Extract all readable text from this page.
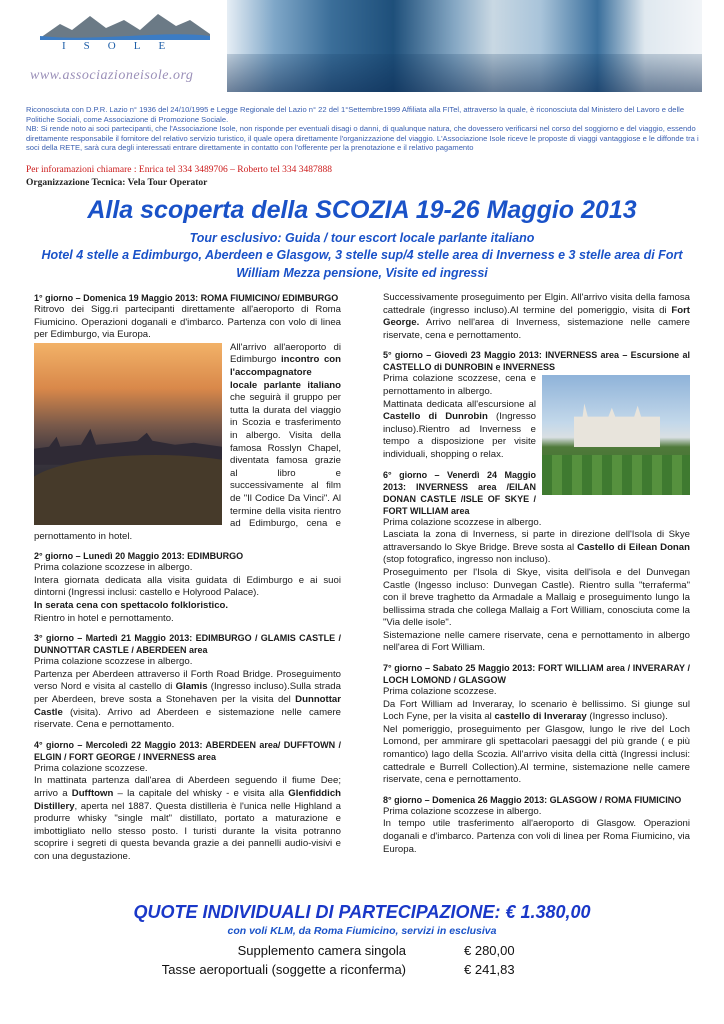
ISOLE
www.associazioneisole.org

Riconosciuta con D.P.R. Lazio n° 1936 del 24/10/1995 e Legge Regionale del Lazio n° 22 del 1°Settembre1999 Affiliata alla FITel, attraverso la quale, è riconosciuta dal Ministero del Lavoro e delle Politiche Sociali, come Associazione di Promozione Sociale.

NB: Si rende noto ai soci partecipanti, che l'Associazione Isole, non risponde per eventuali disagi o danni, di qualunque natura, che dovessero verificarsi nel corso del soggiorno e del viaggio, essendo direttamente responsabile il fornitore del relativo servizio turistico, il quale opera direttamente l'organizzazione del viaggio. L'Associazione Isole riceve le proposte di viaggi vantaggiose e le diffonde tra i soci della RETE, sarà cura degli interessati entrare direttamente in contatto con l'offerente per la prenotazione e il relativo pagamento

Per inforamazioni chiamare : Enrica tel 334 3489706 – Roberto tel 334 3487888
Organizzazione Tecnica: Vela Tour Operator
Alla scoperta della SCOZIA 19-26 Maggio 2013
Tour esclusivo: Guida / tour escort locale parlante italiano
Hotel 4 stelle a Edimburgo, Aberdeen e Glasgow, 3 stelle sup/4 stelle area di Inverness e 3 stelle area di Fort William Mezza pensione, Visite ed ingressi

1° giorno – Domenica 19 Maggio 2013: ROMA FIUMICINO/ EDIMBURGO

Ritrovo dei Sigg.ri partecipanti direttamente all'aeroporto di Roma Fiumicino. Operazioni doganali e d'imbarco. Partenza con volo di linea per Edimburgo, via Europa.

All'arrivo all'aeroporto di Edimburgo incontro con l'accompagnatore locale parlante italiano che seguirà il gruppo per tutta la durata del viaggio in Scozia e trasferimento in albergo. Visita della famosa Rosslyn Chapel, diventata famosa grazie al libro e successivamente al film de "Il Codice Da Vinci". Al termine della visita rientro ad Edimburgo, cena e pernottamento in hotel.

2° giorno – Lunedì 20 Maggio 2013: EDIMBURGO

Prima colazione scozzese in albergo.

Intera giornata dedicata alla visita guidata di Edimburgo e ai suoi dintorni (Ingressi inclusi: castello e Holyrood Palace).

In serata cena con spettacolo folkloristico.

Rientro in hotel e pernottamento.

3° giorno – Martedì 21 Maggio 2013: EDIMBURGO / GLAMIS CASTLE / DUNNOTTAR CASTLE / ABERDEEN area

Prima colazione scozzese in albergo.

Partenza per Aberdeen attraverso il Forth Road Bridge. Proseguimento verso Nord e visita al castello di Glamis (Ingresso incluso).Sulla strada per Aberdeen, breve sosta a Stonehaven per la visita del Dunnottar Castle (visita). Arrivo ad Aberdeen e sistemazione nelle camere riservate. Cena e pernottamento.

4° giorno – Mercoledì 22 Maggio 2013: ABERDEEN area/ DUFFTOWN / ELGIN / FORT GEORGE / INVERNESS area

Prima colazione scozzese.

In mattinata partenza dall'area di Aberdeen seguendo il fiume Dee; arrivo a Dufftown – la capitale del whisky - e visita alla Glenfiddich Distillery, aperta nel 1887. Questa distilleria è l'unica nelle Highland a produrre whisky "single malt" distillato, portato a maturazione e imbottigliato nello stesso posto. I turisti durante la visita potranno scoprire i segreti di questa bevanda grazie a dei pannelli audio-visivi e con una degustazione.

Successivamente proseguimento per Elgin. All'arrivo visita della famosa cattedrale (ingresso incluso).Al termine del pomeriggio, visita di Fort George. Arrivo nell'area di Inverness, sistemazione nelle camere riservate, cena e pernottamento.

5° giorno – Giovedì 23 Maggio 2013: INVERNESS area – Escursione al CASTELLO di DUNROBIN e INVERNESS

Prima colazione scozzese, cena e pernottamento in albergo.

Mattinata dedicata all'escursione al Castello di Dunrobin (Ingresso incluso).Rientro ad Inverness e tempo a disposizione per visite individuali, shopping o relax.

6° giorno – Venerdì 24 Maggio 2013: INVERNESS area /EILAN DONAN CASTLE /ISLE OF SKYE / FORT WILLIAM area

Prima colazione scozzese in albergo.

Lasciata la zona di Inverness, si parte in direzione dell'Isola di Skye attraversando lo Skye Bridge. Breve sosta al Castello di Eilean Donan (stop fotografico, ingresso non incluso).

Proseguimento per l'Isola di Skye, visita dell'isola e del Dunvegan Castle (Ingesso incluso: Dunvegan Castle). Rientro sulla "terraferma" con il breve traghetto da Armadale a Mallaig e proseguimento lungo la bellissima strada che collega Mallaig a Fort William, conosciuta come la "Via delle isole".

Sistemazione nelle camere riservate, cena e pernottamento in albergo nell'area di Fort William.

7° giorno – Sabato 25 Maggio 2013: FORT WILLIAM area / INVERARAY / LOCH LOMOND / GLASGOW

Prima colazione scozzese.

Da Fort William ad Inveraray, lo scenario è bellissimo. Si giunge sul Loch Fyne, per la visita al castello di Inveraray (Ingresso incluso).

Nel pomeriggio, proseguimento per Glasgow, lungo le rive del Loch Lomond, per ammirare gli spettacolari paesaggi del più grande ( e più romantico) lago della Scozia. All'arrivo visita della città (Ingressi inclusi: cattedrale e Burrell Collection).Al termine, sistemazione nelle camere riservate, cena e pernottamento.

8° giorno – Domenica 26 Maggio 2013: GLASGOW / ROMA FIUMICINO

Prima colazione scozzese in albergo.

In tempo utile trasferimento all'aeroporto di Glasgow. Operazioni doganali e d'imbarco. Partenza con voli di linea per Roma Fiumicino, via Europa.

QUOTE INDIVIDUALI DI PARTECIPAZIONE: € 1.380,00
con voli KLM, da Roma Fiumicino, servizi in esclusiva
Supplemento camera singola	€ 280,00
Tasse aeroportuali (soggette a riconferma)	€ 241,83
